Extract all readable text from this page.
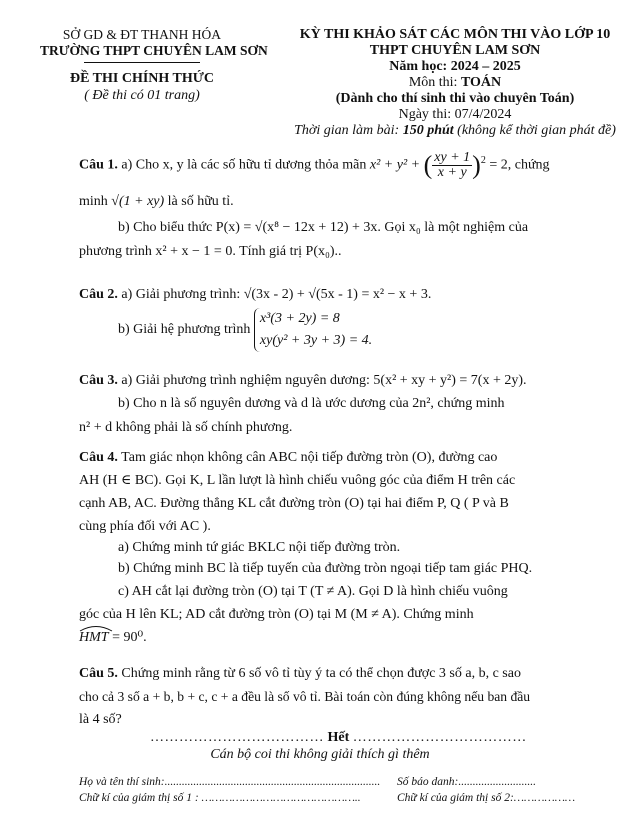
SỞ GD & ĐT THANH HÓA
TRƯỜNG THPT CHUYÊN LAM SƠN
ĐỀ THI CHÍNH THỨC
( Đề thi có 01 trang)
KỲ THI KHẢO SÁT CÁC MÔN THI VÀO LỚP 10
THPT CHUYÊN LAM SƠN
Năm học: 2024 – 2025
Môn thi: TOÁN
(Dành cho thí sinh thi vào chuyên Toán)
Ngày thi: 07/4/2024
Thời gian làm bài: 150 phút (không kể thời gian phát đề)
Câu 1. a) Cho x, y là các số hữu tỉ dương thỏa mãn x² + y² + ( $\frac{xy + 1}{x + y} )^2 = 2$, chứng
minh √(1 + xy) là số hữu tỉ.
b) Cho biểu thức P(x) = √(x⁸ − 12x + 12) + 3x. Gọi x₀ là một nghiệm của
phương trình x² + x − 1 = 0. Tính giá trị P(x₀)..
Câu 2. a) Giải phương trình: √(3x - 2) + √(5x - 1) = x² − x + 3.
b) Giải hệ phương trình
x³(3 + 2y) = 8
xy(y² + 3y + 3) = 4.
Câu 3. a) Giải phương trình nghiệm nguyên dương: 5(x² + xy + y²) = 7(x + 2y).
b) Cho n là số nguyên dương và d là ước dương của 2n², chứng minh
n² + d không phải là số chính phương.
Câu 4. Tam giác nhọn không cân ABC nội tiếp đường tròn (O), đường cao
AH (H ∈ BC). Gọi K, L lần lượt là hình chiếu vuông góc của điểm H trên các
cạnh AB, AC. Đường thẳng KL cắt đường tròn (O) tại hai điểm P, Q ( P và B
cùng phía đối với AC ).
a) Chứng minh tứ giác BKLC nội tiếp đường tròn.
b) Chứng minh BC là tiếp tuyến của đường tròn ngoại tiếp tam giác PHQ.
c) AH cắt lại đường tròn (O) tại T (T ≠ A). Gọi D là hình chiếu vuông
góc của H lên KL; AD cắt đường tròn (O) tại M (M ≠ A). Chứng minh
HMT = 90⁰.
Câu 5. Chứng minh rằng từ 6 số vô tỉ tùy ý ta có thể chọn được 3 số a, b, c sao
cho cả 3 số a + b, b + c, c + a đều là số vô tỉ. Bài toán còn đúng không nếu ban đầu
là 4 số?
……………………………… Hết ………………………………
Cán bộ coi thi không giải thích gì thêm
Họ và tên thí sinh:........................................................................... Số báo danh:...........................
Chữ kí của giám thị số 1 : ………………………………………..	Chữ kí của giám thị số 2:………………
